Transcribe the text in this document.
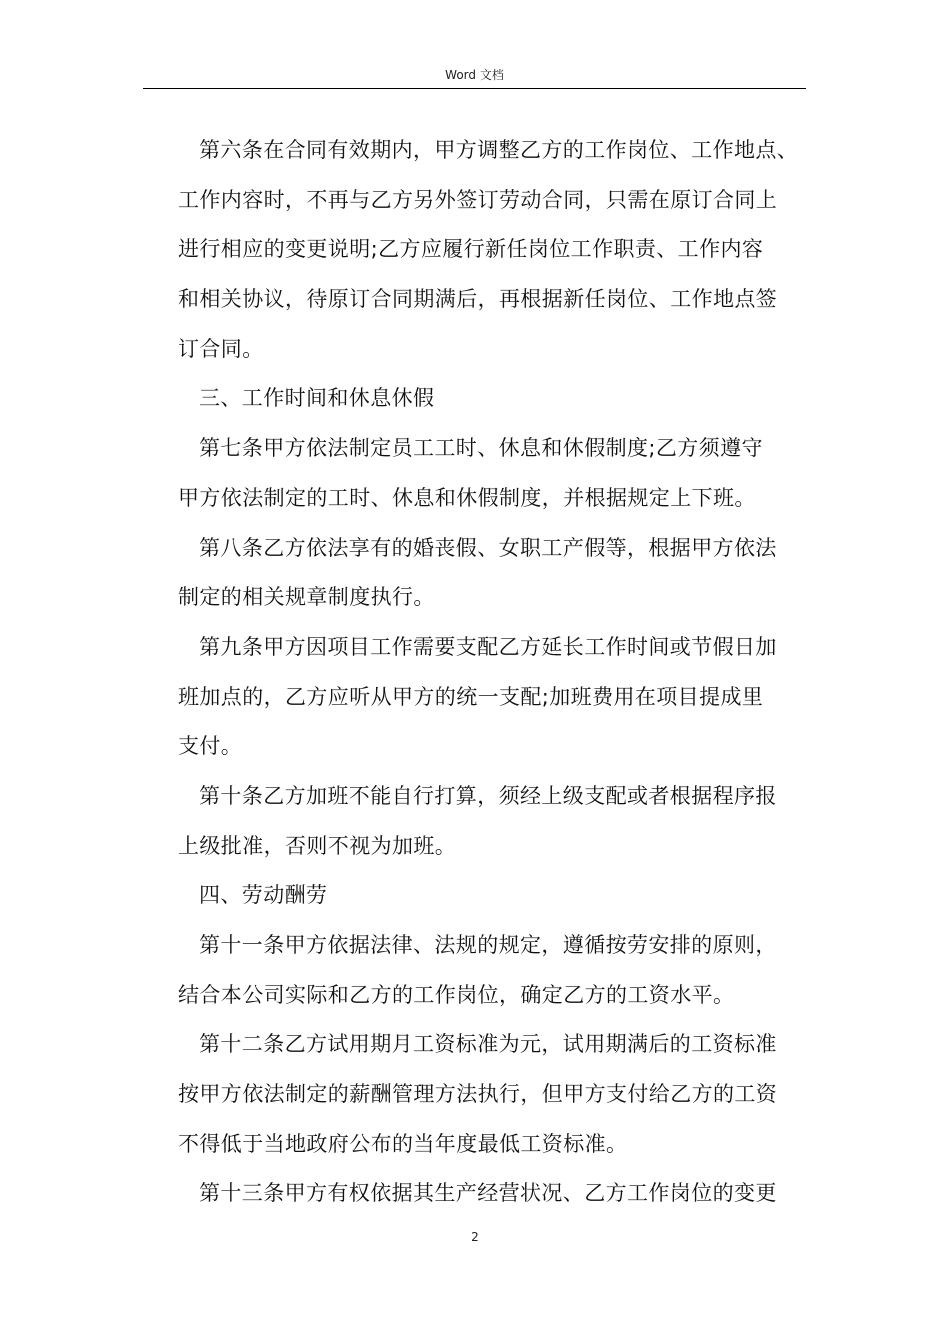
Word 文档
第六条在合同有效期内，甲方调整乙方的工作岗位、工作地点、
工作内容时，不再与乙方另外签订劳动合同，只需在原订合同上
进行相应的变更说明;乙方应履行新任岗位工作职责、工作内容
和相关协议，待原订合同期满后，再根据新任岗位、工作地点签
订合同。
三、工作时间和休息休假
第七条甲方依法制定员工工时、休息和休假制度;乙方须遵守
甲方依法制定的工时、休息和休假制度，并根据规定上下班。
第八条乙方依法享有的婚丧假、女职工产假等，根据甲方依法
制定的相关规章制度执行。
第九条甲方因项目工作需要支配乙方延长工作时间或节假日加
班加点的，乙方应听从甲方的统一支配;加班费用在项目提成里
支付。
第十条乙方加班不能自行打算，须经上级支配或者根据程序报
上级批准，否则不视为加班。
四、劳动酬劳
第十一条甲方依据法律、法规的规定，遵循按劳安排的原则，
结合本公司实际和乙方的工作岗位，确定乙方的工资水平。
第十二条乙方试用期月工资标准为元，试用期满后的工资标准
按甲方依法制定的薪酬管理方法执行，但甲方支付给乙方的工资
不得低于当地政府公布的当年度最低工资标准。
第十三条甲方有权依据其生产经营状况、乙方工作岗位的变更
2
